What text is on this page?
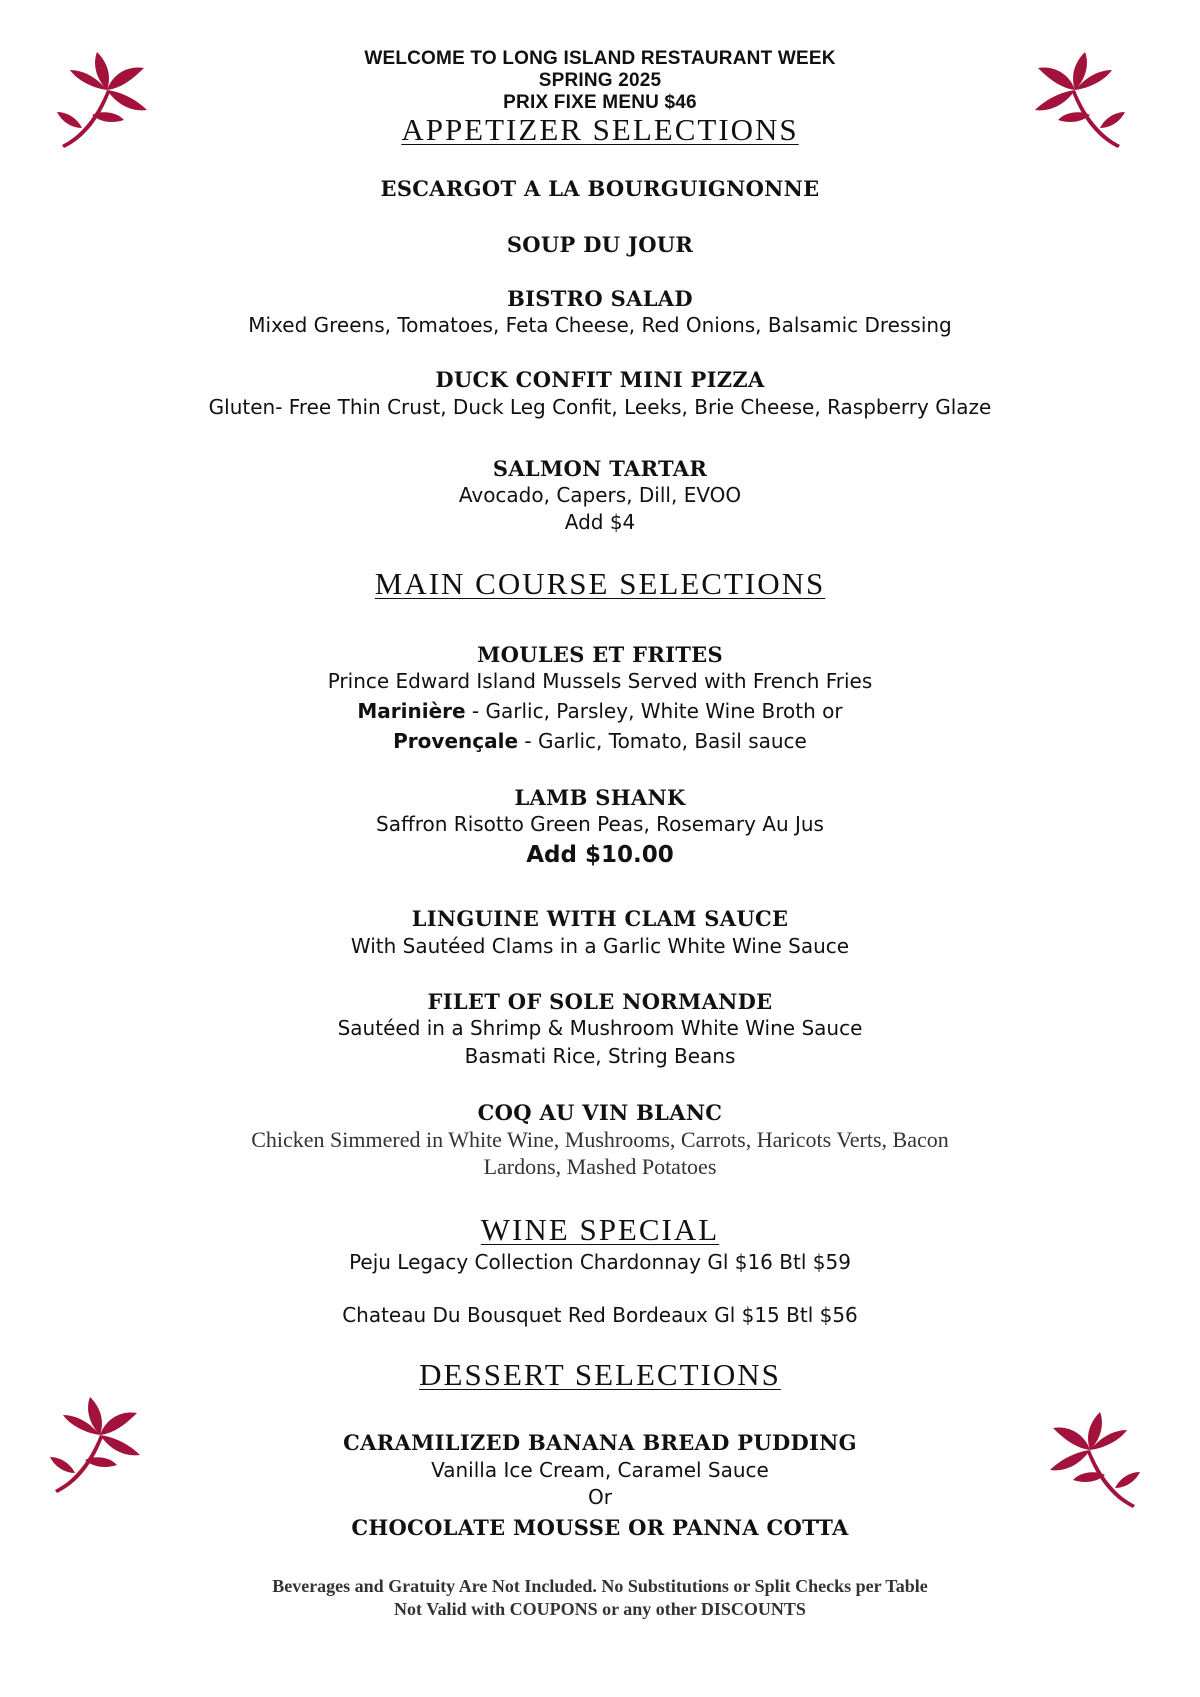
WELCOME TO LONG ISLAND RESTAURANT WEEK
SPRING 2025
PRIX FIXE MENU $46
APPETIZER SELECTIONS
ESCARGOT A LA BOURGUIGNONNE
SOUP DU JOUR
BISTRO SALAD
Mixed Greens, Tomatoes, Feta Cheese, Red Onions, Balsamic Dressing
DUCK CONFIT MINI PIZZA
Gluten- Free Thin Crust, Duck Leg Confit, Leeks, Brie Cheese, Raspberry Glaze
SALMON TARTAR
Avocado, Capers, Dill, EVOO
Add $4
MAIN COURSE SELECTIONS
MOULES ET FRITES
Prince Edward Island Mussels Served with French Fries
Marinière - Garlic, Parsley, White Wine Broth or
Provençale - Garlic, Tomato, Basil sauce
LAMB SHANK
Saffron Risotto Green Peas, Rosemary Au Jus
Add $10.00
LINGUINE WITH CLAM SAUCE
With Sautéed Clams in a Garlic White Wine Sauce
FILET OF SOLE NORMANDE
Sautéed in a Shrimp & Mushroom White Wine Sauce
Basmati Rice, String Beans
COQ AU VIN BLANC
Chicken Simmered in White Wine, Mushrooms, Carrots, Haricots Verts, Bacon
Lardons, Mashed Potatoes
WINE SPECIAL
Peju Legacy Collection Chardonnay Gl $16 Btl $59
Chateau Du Bousquet Red Bordeaux Gl $15 Btl $56
DESSERT SELECTIONS
CARAMILIZED BANANA BREAD PUDDING
Vanilla Ice Cream, Caramel Sauce
Or
CHOCOLATE MOUSSE OR PANNA COTTA
Beverages and Gratuity Are Not Included. No Substitutions or Split Checks per Table
Not Valid with COUPONS or any other DISCOUNTS
